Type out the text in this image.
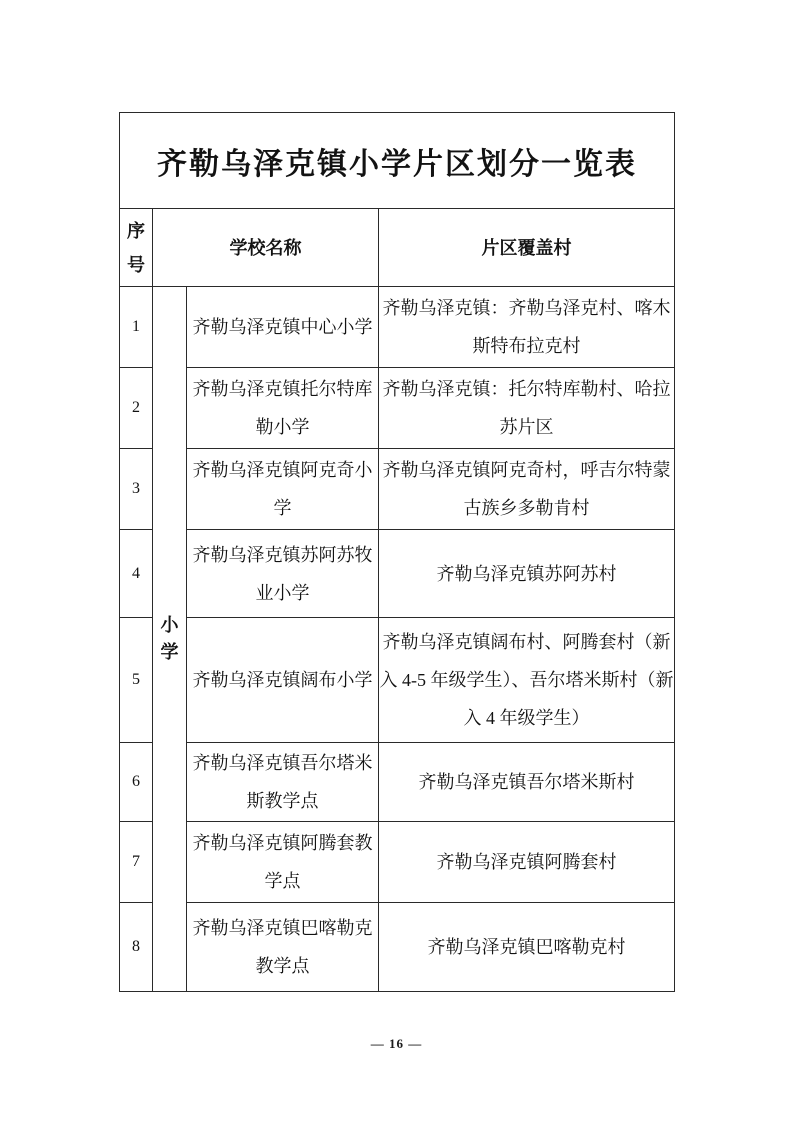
齐勒乌泽克镇小学片区划分一览表			
序号	学校名称		片区覆盖村
1	小学	齐勒乌泽克镇中心小学	齐勒乌泽克镇：齐勒乌泽克村、喀木斯特布拉克村
2		齐勒乌泽克镇托尔特库勒小学	齐勒乌泽克镇：托尔特库勒村、哈拉苏片区
3		齐勒乌泽克镇阿克奇小学	齐勒乌泽克镇阿克奇村，呼吉尔特蒙古族乡多勒肯村
4		齐勒乌泽克镇苏阿苏牧业小学	齐勒乌泽克镇苏阿苏村
5		齐勒乌泽克镇阔布小学	齐勒乌泽克镇阔布村、阿腾套村（新入 4-5 年级学生）、吾尔塔米斯村（新入 4 年级学生）
6		齐勒乌泽克镇吾尔塔米斯教学点	齐勒乌泽克镇吾尔塔米斯村
7		齐勒乌泽克镇阿腾套教学点	齐勒乌泽克镇阿腾套村
8		齐勒乌泽克镇巴喀勒克教学点	齐勒乌泽克镇巴喀勒克村
— 16 —
